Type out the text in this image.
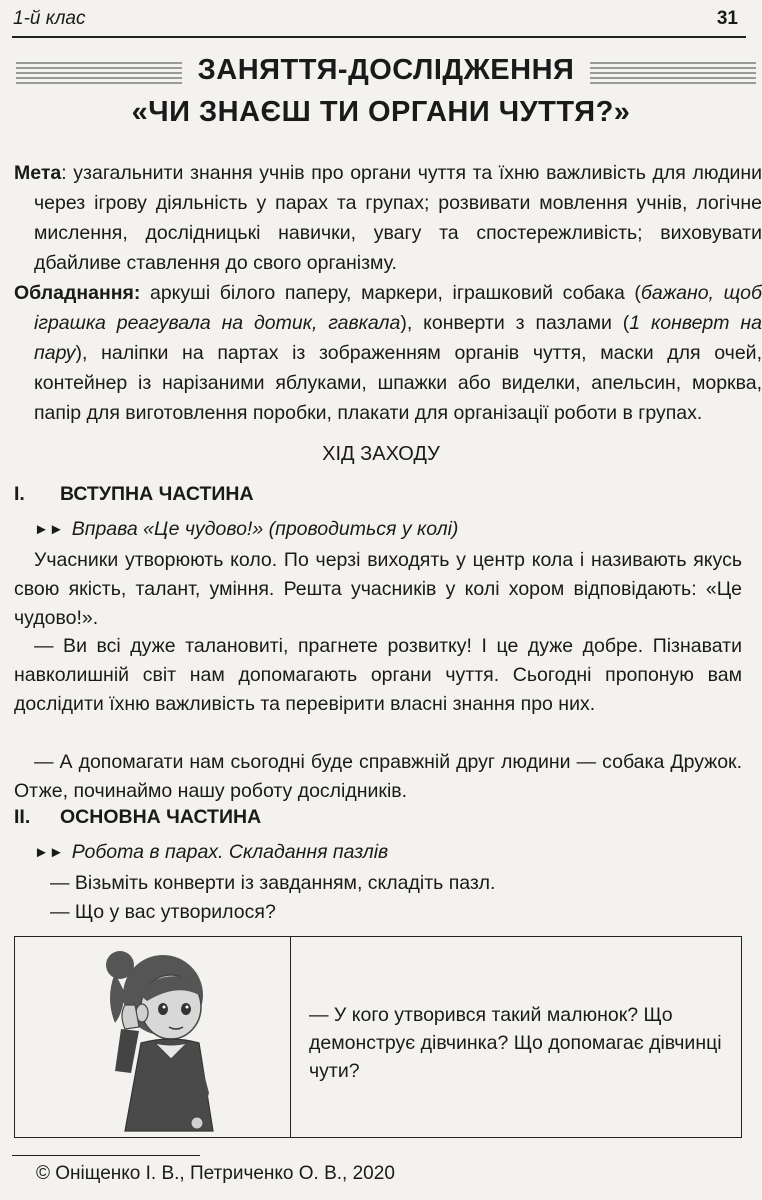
1-й клас	31
ЗАНЯТТЯ-ДОСЛІДЖЕННЯ
«ЧИ ЗНАЄШ ТИ ОРГАНИ ЧУТТЯ?»
Мета: узагальнити знання учнів про органи чуття та їхню важливість для людини через ігрову діяльність у парах та групах; розвивати мовлення учнів, логічне мислення, дослідницькі навички, увагу та спостережливість; виховувати дбайливе ставлення до свого організму.
Обладнання: аркуші білого паперу, маркери, іграшковий собака (бажано, щоб іграшка реагувала на дотик, гавкала), конверти з пазлами (1 конверт на пару), наліпки на партах із зображенням органів чуття, маски для очей, контейнер із нарізаними яблуками, шпажки або виделки, апельсин, морква, папір для виготовлення поробки, плакати для організації роботи в групах.
ХІД ЗАХОДУ
I. ВСТУПНА ЧАСТИНА
►► Вправа «Це чудово!» (проводиться у колі)
Учасники утворюють коло. По черзі виходять у центр кола і називають якусь свою якість, талант, уміння. Решта учасників у колі хором відповідають: «Це чудово!».
— Ви всі дуже талановиті, прагнете розвитку! І це дуже добре. Пізнавати навколишній світ нам допомагають органи чуття. Сьогодні пропоную вам дослідити їхню важливість та перевірити власні знання про них.
— А допомагати нам сьогодні буде справжній друг людини — собака Дружок. Отже, починаймо нашу роботу дослідників.
II. ОСНОВНА ЧАСТИНА
►► Робота в парах. Складання пазлів
— Візьміть конверти із завданням, складіть пазл.
— Що у вас утворилося?
— У кого утворився такий малюнок? Що демонструє дівчинка? Що допомагає дівчинці чути?
© Оніщенко І. В., Петриченко О. В., 2020
